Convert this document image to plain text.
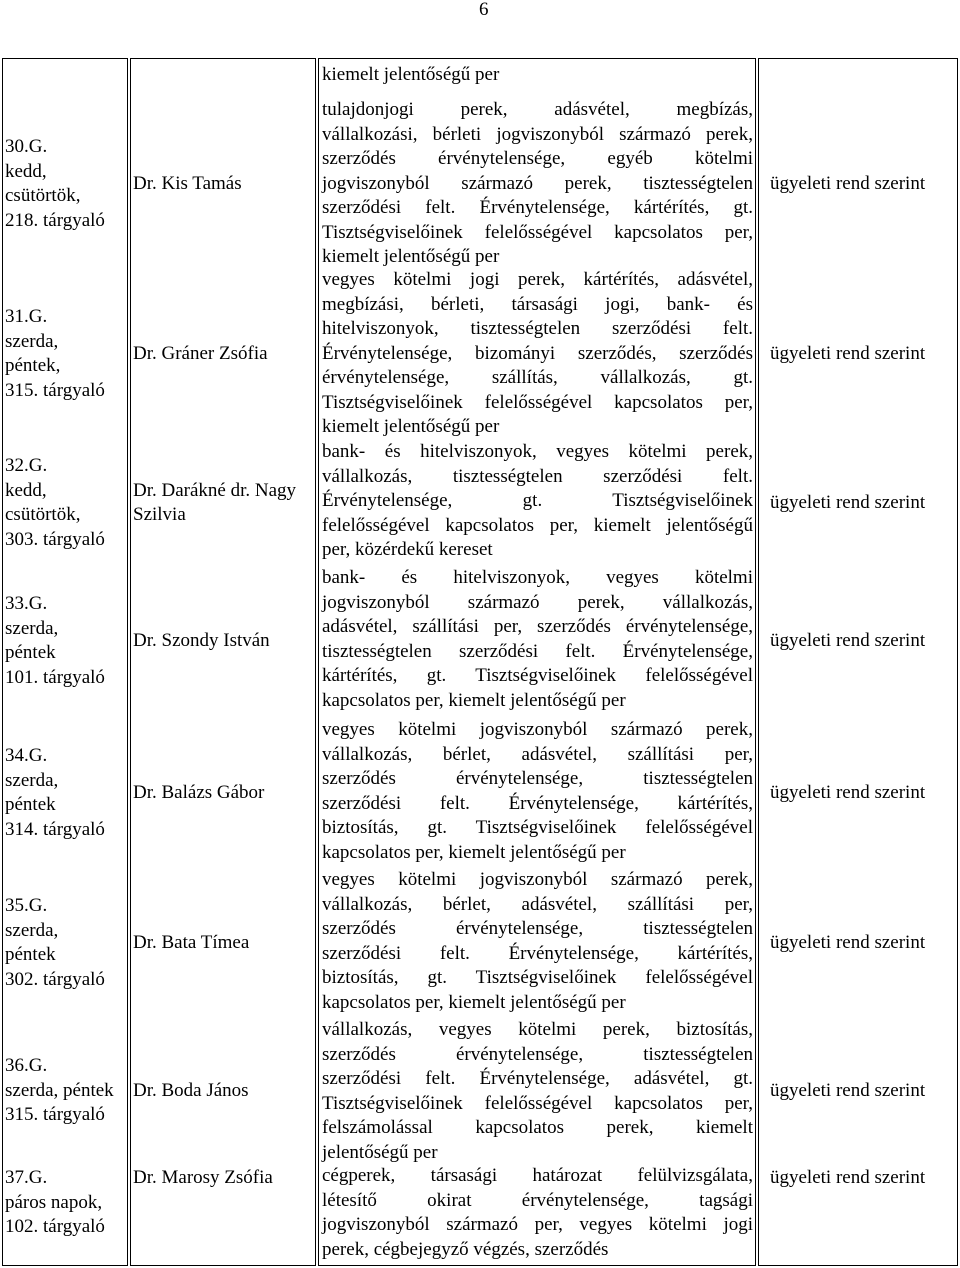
6
kiemelt jelentőségű per
30.G.
kedd,
csütörtök,
218. tárgyaló
Dr. Kis Tamás
tulajdonjogi perek, adásvétel, megbízás,
vállalkozási, bérleti jogviszonyból származó perek,
szerződés érvénytelensége, egyéb kötelmi
jogviszonyból származó perek, tisztességtelen
szerződési felt. Érvénytelensége, kártérítés, gt.
Tisztségviselőinek felelősségével kapcsolatos per,
kiemelt jelentőségű per
ügyeleti rend szerint
31.G.
szerda,
péntek,
315. tárgyaló
Dr. Gráner Zsófia
vegyes kötelmi jogi perek, kártérítés, adásvétel,
megbízási, bérleti, társasági jogi, bank- és
hitelviszonyok, tisztességtelen szerződési felt.
Érvénytelensége, bizományi szerződés, szerződés
érvénytelensége, szállítás, vállalkozás, gt.
Tisztségviselőinek felelősségével kapcsolatos per,
kiemelt jelentőségű per
ügyeleti rend szerint
32.G.
kedd,
csütörtök,
303. tárgyaló
Dr. Darákné dr. Nagy Szilvia
bank- és hitelviszonyok, vegyes kötelmi perek,
vállalkozás, tisztességtelen szerződési felt.
Érvénytelensége, gt. Tisztségviselőinek
felelősségével kapcsolatos per, kiemelt jelentőségű
per, közérdekű kereset
ügyeleti rend szerint
33.G.
szerda,
péntek
101. tárgyaló
Dr. Szondy István
bank- és hitelviszonyok, vegyes kötelmi
jogviszonyból származó perek, vállalkozás,
adásvétel, szállítási per, szerződés érvénytelensége,
tisztességtelen szerződési felt. Érvénytelensége,
kártérítés, gt. Tisztségviselőinek felelősségével
kapcsolatos per, kiemelt jelentőségű per
ügyeleti rend szerint
34.G.
szerda,
péntek
314. tárgyaló
Dr. Balázs Gábor
vegyes kötelmi jogviszonyból származó perek,
vállalkozás, bérlet, adásvétel, szállítási per,
szerződés érvénytelensége, tisztességtelen
szerződési felt. Érvénytelensége, kártérítés,
biztosítás, gt. Tisztségviselőinek felelősségével
kapcsolatos per, kiemelt jelentőségű per
ügyeleti rend szerint
35.G.
szerda,
péntek
302. tárgyaló
Dr. Bata Tímea
vegyes kötelmi jogviszonyból származó perek,
vállalkozás, bérlet, adásvétel, szállítási per,
szerződés érvénytelensége, tisztességtelen
szerződési felt. Érvénytelensége, kártérítés,
biztosítás, gt. Tisztségviselőinek felelősségével
kapcsolatos per, kiemelt jelentőségű per
ügyeleti rend szerint
36.G.
szerda, péntek
315. tárgyaló
Dr. Boda János
vállalkozás, vegyes kötelmi perek, biztosítás,
szerződés érvénytelensége, tisztességtelen
szerződési felt. Érvénytelensége, adásvétel, gt.
Tisztségviselőinek felelősségével kapcsolatos per,
felszámolással kapcsolatos perek, kiemelt
jelentőségű per
ügyeleti rend szerint
37.G.
páros napok,
102. tárgyaló
Dr. Marosy Zsófia	cégperek, társasági határozat felülvizsgálata,
létesítő okirat érvénytelensége, tagsági
jogviszonyból származó per, vegyes kötelmi jogi
perek, cégbejegyző végzés, szerződés
ügyeleti rend szerint
